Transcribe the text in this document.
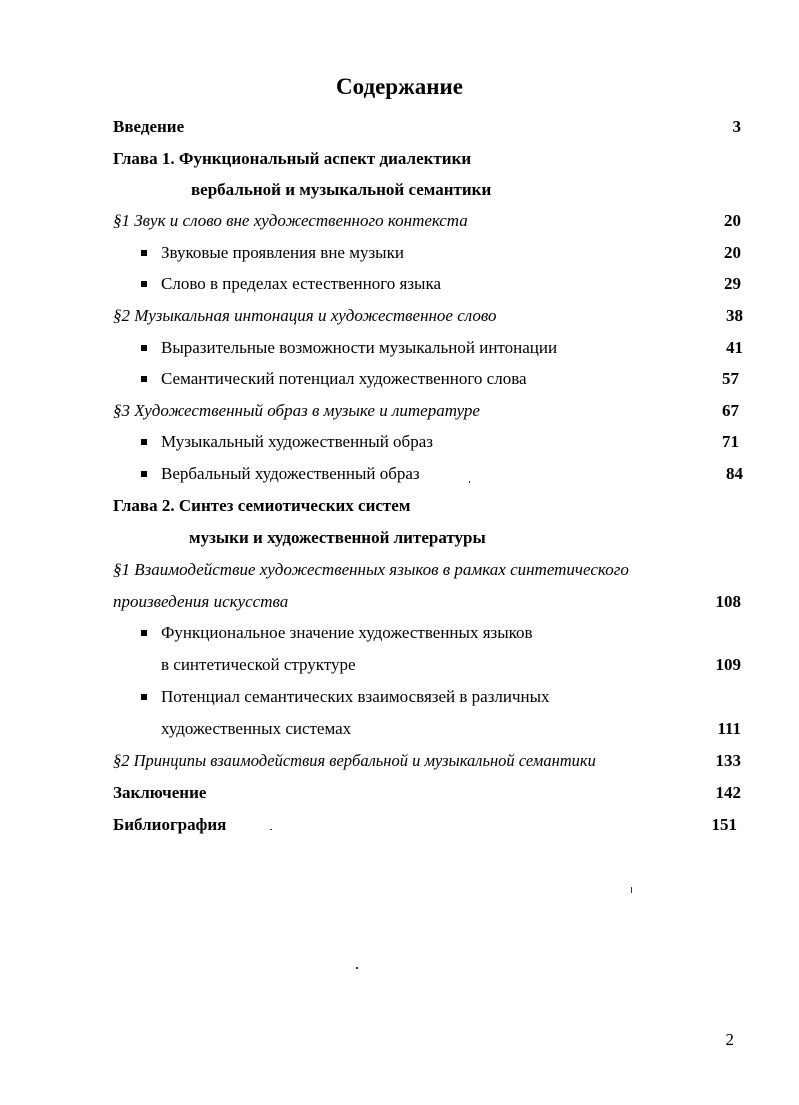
Содержание
Введение	3
Глава 1. Функциональный аспект диалектики
вербальной и музыкальной семантики
§1 Звук и слово вне художественного контекста	20
Звуковые проявления вне музыки	20
Слово в пределах естественного языка	29
§2 Музыкальная интонация и художественное слово	38
Выразительные возможности музыкальной интонации	41
Семантический потенциал художественного слова	57
§3 Художественный образ в музыке и литературе	67
Музыкальный художественный образ	71
Вербальный художественный образ	84
Глава 2. Синтез семиотических систем
музыки и художественной литературы
§1 Взаимодействие художественных языков в рамках синтетического
произведения искусства	108
Функциональное значение художественных языков
в синтетической структуре	109
Потенциал семантических взаимосвязей в различных
художественных системах	111
§2 Принципы взаимодействия вербальной и музыкальной семантики	133
Заключение	142
Библиография	151
2
